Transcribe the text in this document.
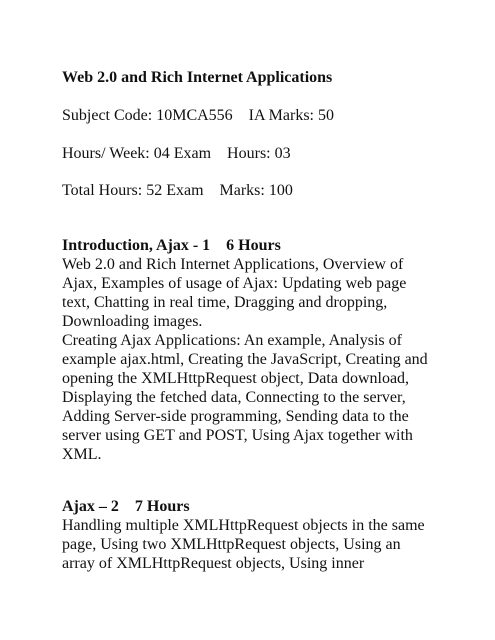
Web 2.0 and Rich Internet Applications
Subject Code: 10MCA556    IA Marks: 50
Hours/ Week: 04 Exam    Hours: 03
Total Hours: 52 Exam    Marks: 100
Introduction, Ajax - 1    6 Hours
Web 2.0 and Rich Internet Applications, Overview of
Ajax, Examples of usage of Ajax: Updating web page
text, Chatting in real time, Dragging and dropping,
Downloading images.
Creating Ajax Applications: An example, Analysis of
example ajax.html, Creating the JavaScript, Creating and
opening the XMLHttpRequest object, Data download,
Displaying the fetched data, Connecting to the server,
Adding Server-side programming, Sending data to the
server using GET and POST, Using Ajax together with
XML.
Ajax – 2    7 Hours
Handling multiple XMLHttpRequest objects in the same
page, Using two XMLHttpRequest objects, Using an
array of XMLHttpRequest objects, Using inner
